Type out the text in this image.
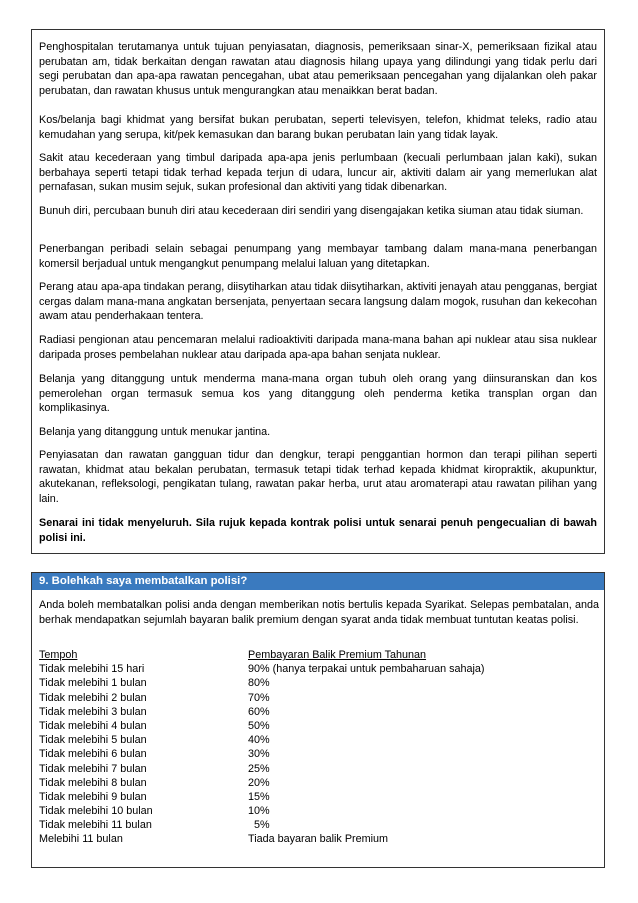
Penghospitalan terutamanya untuk tujuan penyiasatan, diagnosis, pemeriksaan sinar-X, pemeriksaan fizikal atau perubatan am, tidak berkaitan dengan rawatan atau diagnosis hilang upaya yang dilindungi yang tidak perlu dari segi perubatan dan apa-apa rawatan pencegahan, ubat atau pemeriksaan pencegahan yang dijalankan oleh pakar perubatan, dan rawatan khusus untuk mengurangkan atau menaikkan berat badan.

Kos/belanja bagi khidmat yang bersifat bukan perubatan, seperti televisyen, telefon, khidmat teleks, radio atau kemudahan yang serupa, kit/pek kemasukan dan barang bukan perubatan lain yang tidak layak.

Sakit atau kecederaan yang timbul daripada apa-apa jenis perlumbaan (kecuali perlumbaan jalan kaki), sukan berbahaya seperti tetapi tidak terhad kepada terjun di udara, luncur air, aktiviti dalam air yang memerlukan alat pernafasan, sukan musim sejuk, sukan profesional dan aktiviti yang tidak dibenarkan.

Bunuh diri, percubaan bunuh diri atau kecederaan diri sendiri yang disengajakan ketika siuman atau tidak siuman.

Penerbangan peribadi selain sebagai penumpang yang membayar tambang dalam mana-mana penerbangan komersil berjadual untuk mengangkut penumpang melalui laluan yang ditetapkan.

Perang atau apa-apa tindakan perang, diisytiharkan atau tidak diisytiharkan, aktiviti jenayah atau pengganas, bergiat cergas dalam mana-mana angkatan bersenjata, penyertaan secara langsung dalam mogok, rusuhan dan kekecohan awam atau penderhakaan tentera.

Radiasi pengionan atau pencemaran melalui radioaktiviti daripada mana-mana bahan api nuklear atau sisa nuklear daripada proses pembelahan nuklear atau daripada apa-apa bahan senjata nuklear.

Belanja yang ditanggung untuk menderma mana-mana organ tubuh oleh orang yang diinsuranskan dan kos pemerolehan organ termasuk semua kos yang ditanggung oleh penderma ketika transplan organ dan komplikasinya.

Belanja yang ditanggung untuk menukar jantina.

Penyiasatan dan rawatan gangguan tidur dan dengkur, terapi penggantian hormon dan terapi pilihan seperti rawatan, khidmat atau bekalan perubatan, termasuk tetapi tidak terhad kepada khidmat kiropraktik, akupunktur, akutekanan, refleksologi, pengikatan tulang, rawatan pakar herba, urut atau aromaterapi atau rawatan pilihan yang lain.

Senarai ini tidak menyeluruh. Sila rujuk kepada kontrak polisi untuk senarai penuh pengecualian di bawah polisi ini.

9. Bolehkah saya membatalkan polisi?

Anda boleh membatalkan polisi anda dengan memberikan notis bertulis kepada Syarikat. Selepas pembatalan, anda berhak mendapatkan sejumlah bayaran balik premium dengan syarat anda tidak membuat tuntutan keatas polisi.

Tempoh	Pembayaran Balik Premium Tahunan
Tidak melebihi 15 hari	90% (hanya terpakai untuk pembaharuan sahaja)
Tidak melebihi 1 bulan	80%
Tidak melebihi 2 bulan	70%
Tidak melebihi 3 bulan	60%
Tidak melebihi 4 bulan	50%
Tidak melebihi 5 bulan	40%
Tidak melebihi 6 bulan	30%
Tidak melebihi 7 bulan	25%
Tidak melebihi 8 bulan	20%
Tidak melebihi 9 bulan	15%
Tidak melebihi 10 bulan	10%
Tidak melebihi 11 bulan	5%
Melebihi 11 bulan	Tiada bayaran balik Premium
